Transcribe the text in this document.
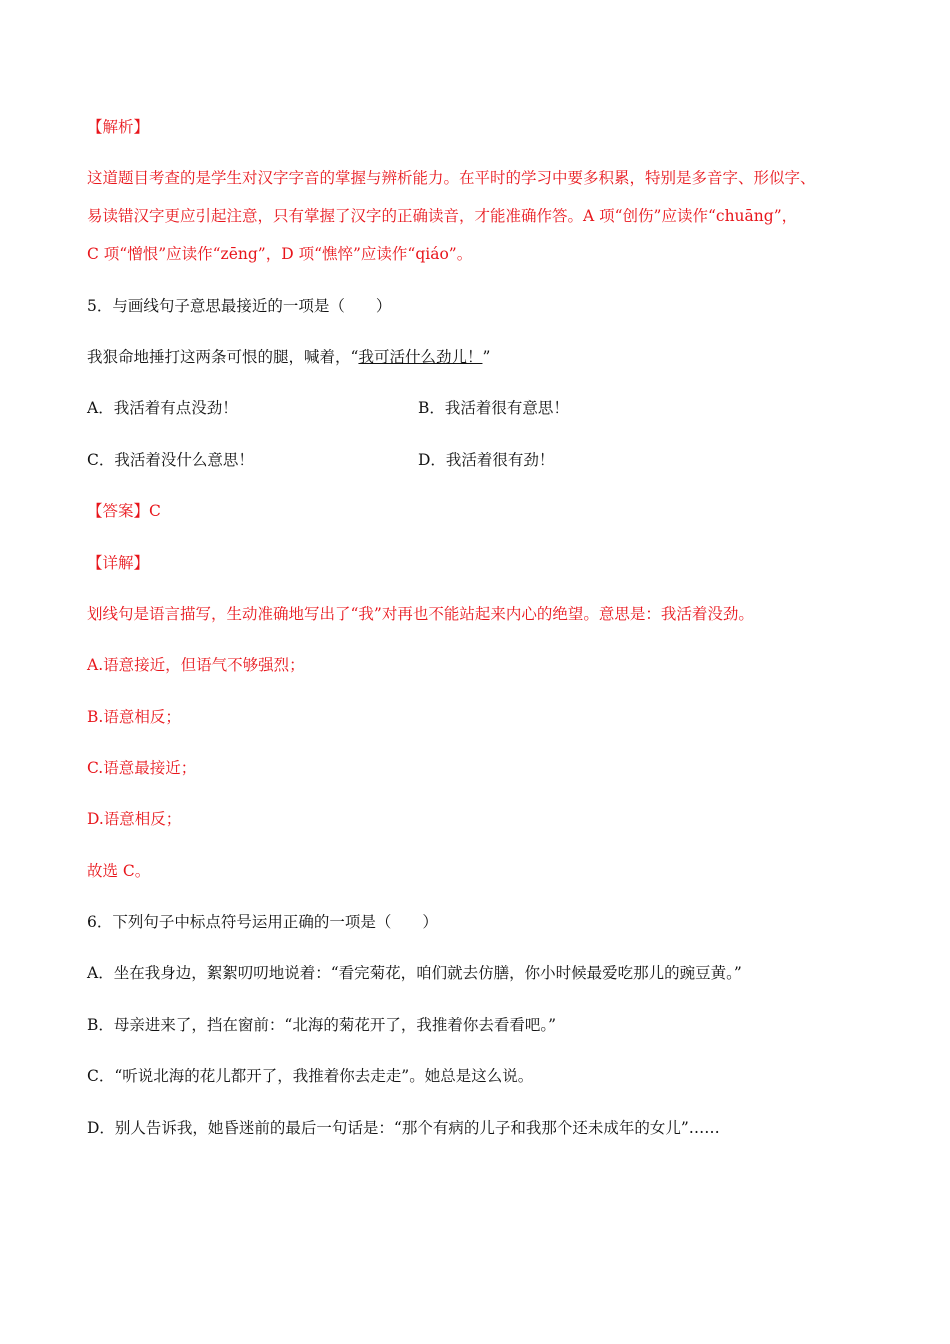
【解析】
这道题目考查的是学生对汉字字音的掌握与辨析能力。在平时的学习中要多积累，特别是多音字、形似字、
易读错汉字更应引起注意，只有掌握了汉字的正确读音，才能准确作答。A 项“创伤”应读作“chuāng”，
C 项“憎恨”应读作“zēng”，D 项“憔悴”应读作“qiáo”。
5．与画线句子意思最接近的一项是（　　）
我狠命地捶打这两条可恨的腿，喊着，“我可活什么劲儿！”
A．我活着有点没劲！	B．我活着很有意思！
C．我活着没什么意思！	D．我活着很有劲！
【答案】C
【详解】
划线句是语言描写，生动准确地写出了“我”对再也不能站起来内心的绝望。意思是：我活着没劲。
A.语意接近，但语气不够强烈；
B.语意相反；
C.语意最接近；
D.语意相反；
故选 C。
6．下列句子中标点符号运用正确的一项是（　　）
A．坐在我身边，絮絮叨叨地说着：“看完菊花，咱们就去仿膳，你小时候最爱吃那儿的豌豆黄。”
B．母亲进来了，挡在窗前：“北海的菊花开了，我推着你去看看吧。”
C．“听说北海的花儿都开了，我推着你去走走”。她总是这么说。
D．别人告诉我，她昏迷前的最后一句话是：“那个有病的儿子和我那个还未成年的女儿”……
